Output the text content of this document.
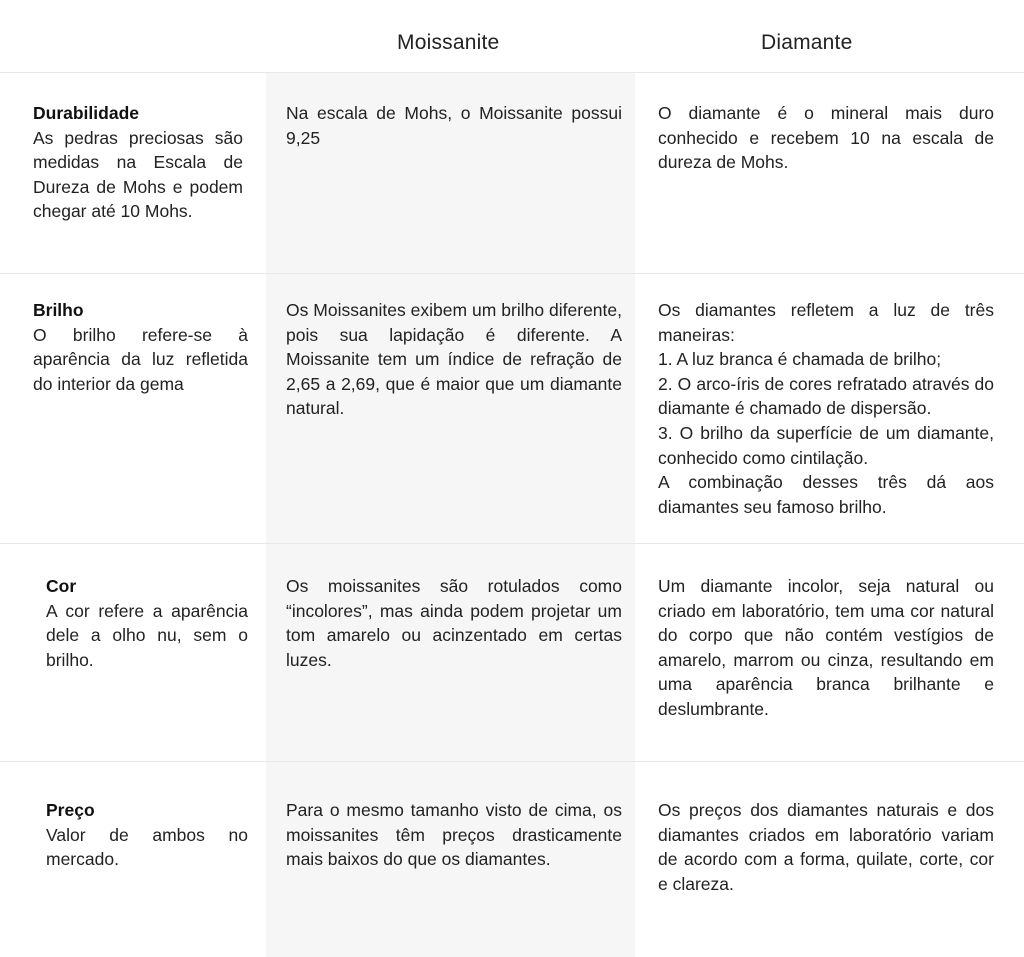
Moissanite	Diamante
Durabilidade
As pedras preciosas são medidas na Escala de Dureza de Mohs e podem chegar até 10 Mohs.
Na escala de Mohs, o Moissanite possui 9,25
O diamante é o mineral mais duro conhecido e recebem 10 na escala de dureza de Mohs.
Brilho
O brilho refere-se à aparência da luz refletida do interior da gema
Os Moissanites exibem um brilho diferente, pois sua lapidação é diferente. A Moissanite tem um índice de refração de 2,65 a 2,69, que é maior que um diamante natural.
Os diamantes refletem a luz de três maneiras:
1. A luz branca é chamada de brilho;
2. O arco-íris de cores refratado através do diamante é chamado de dispersão.
3. O brilho da superfície de um diamante, conhecido como cintilação.
A combinação desses três dá aos diamantes seu famoso brilho.
Cor
A cor refere a aparência dele a olho nu, sem o brilho.
Os moissanites são rotulados como “incolores”, mas ainda podem projetar um tom amarelo ou acinzentado em certas luzes.
Um diamante incolor, seja natural ou criado em laboratório, tem uma cor natural do corpo que não contém vestígios de amarelo, marrom ou cinza, resultando em uma aparência branca brilhante e deslumbrante.
Preço
Valor de ambos no mercado.
Para o mesmo tamanho visto de cima, os moissanites têm preços drasticamente mais baixos do que os diamantes.
Os preços dos diamantes naturais e dos diamantes criados em laboratório variam de acordo com a forma, quilate, corte, cor e clareza.
